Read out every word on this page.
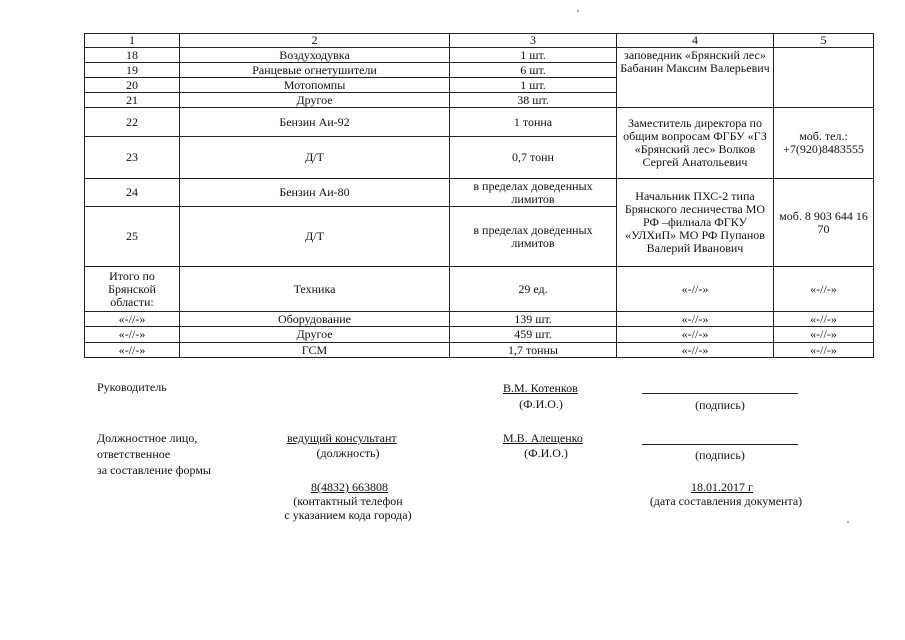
1	2	3	4	5
18	Воздуходувка	1 шт.	заповедник «Брянский лес» Бабанин Максим Валерьевич	
19	Ранцевые огнетушители	6 шт.		
20	Мотопомпы	1 шт.		
21	Другое	38 шт.		
22	Бензин Аи-92	1 тонна	Заместитель директора по общим вопросам ФГБУ «ГЗ «Брянский лес» Волков Сергей Анатольевич	моб. тел.: +7(920)8483555
23	Д/Т	0,7 тонн		
24	Бензин Аи-80	в пределах доведенных лимитов	Начальник ПХС-2 типа Брянского лесничества МО РФ –филиала ФГКУ «УЛХиП» МО РФ Пупанов Валерий Иванович	моб. 8 903 644 16 70
25	Д/Т	в пределах доведенных лимитов		
Итого по Брянской области:	Техника	29 ед.	«-//-»	«-//-»
«-//-»	Оборудование	139 шт.	«-//-»	«-//-»
«-//-»	Другое	459 шт.	«-//-»	«-//-»
«-//-»	ГСМ	1,7 тонны	«-//-»	«-//-»
Руководитель	В.М. Котенков
(Ф.И.О.)	(подпись)
Должностное лицо,
ответственное
за составление формы
ведущий консультант
(должность)
М.В. Алещенко
(Ф.И.О.)	(подпись)
8(4832) 663808
(контактный телефон
с указанием кода города)
18.01.2017 г
(дата составления документа)
